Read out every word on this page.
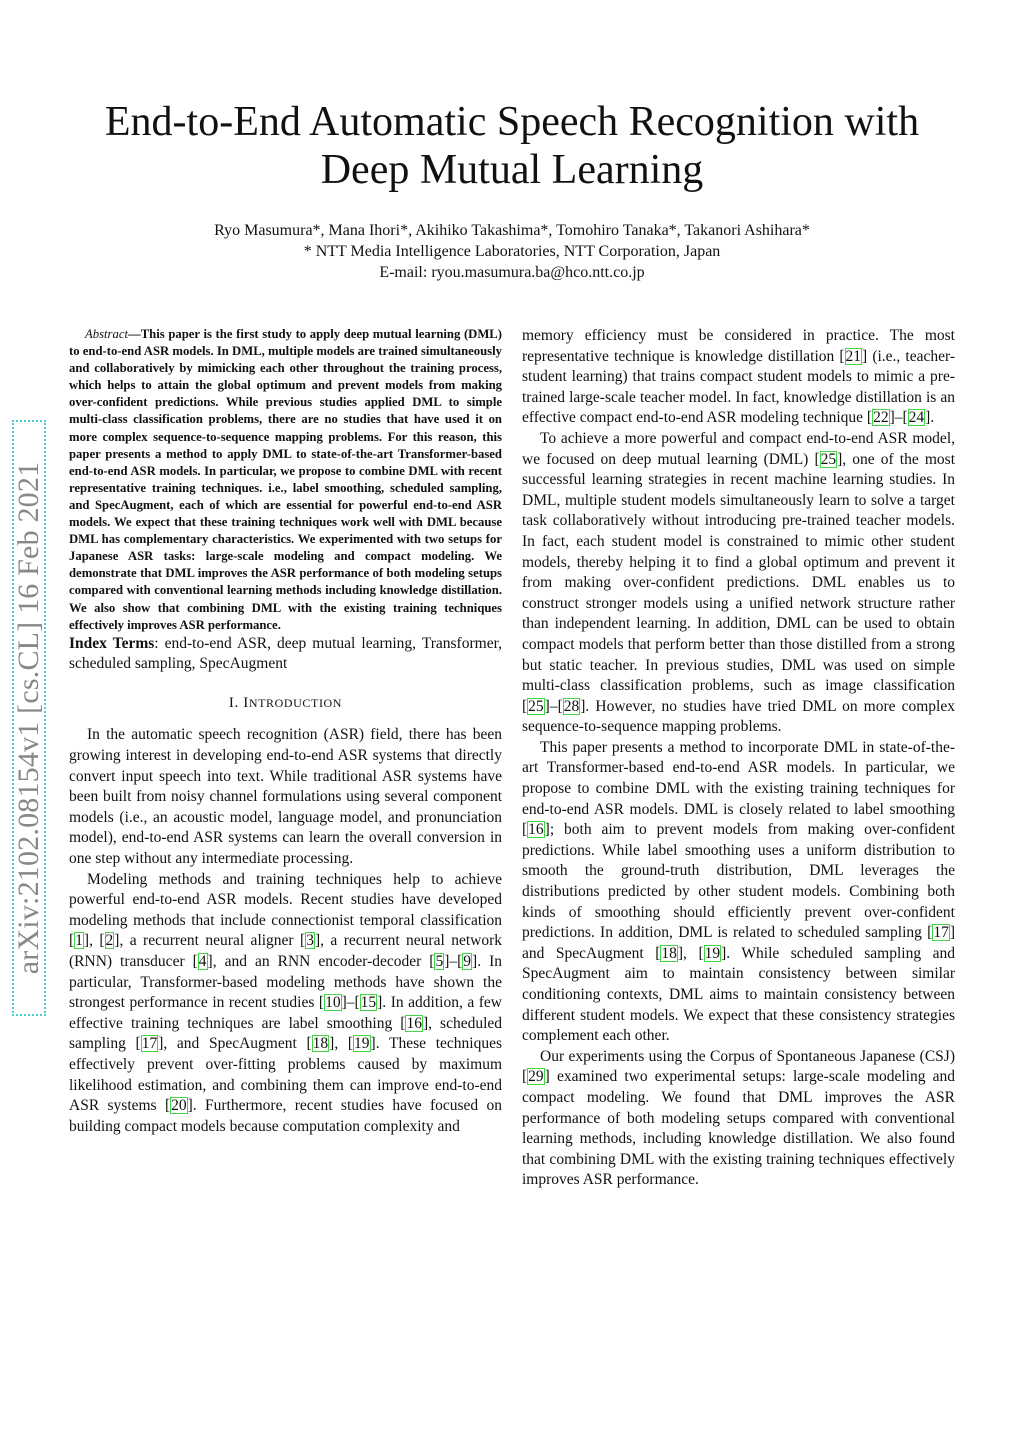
End-to-End Automatic Speech Recognition with
Deep Mutual Learning
Ryo Masumura*, Mana Ihori*, Akihiko Takashima*, Tomohiro Tanaka*, Takanori Ashihara*
* NTT Media Intelligence Laboratories, NTT Corporation, Japan
E-mail: ryou.masumura.ba@hco.ntt.co.jp
arXiv:2102.08154v1 [cs.CL] 16 Feb 2021

Abstract—This paper is the first study to apply deep mutual learning (DML) to end-to-end ASR models. In DML, multiple models are trained simultaneously and collaboratively by mimicking each other throughout the training process, which helps to attain the global optimum and prevent models from making over-confident predictions. While previous studies applied DML to simple multi-class classification problems, there are no studies that have used it on more complex sequence-to-sequence mapping problems. For this reason, this paper presents a method to apply DML to state-of-the-art Transformer-based end-to-end ASR models. In particular, we propose to combine DML with recent representative training techniques. i.e., label smoothing, scheduled sampling, and SpecAugment, each of which are essential for powerful end-to-end ASR models. We expect that these training techniques work well with DML because DML has complementary characteristics. We experimented with two setups for Japanese ASR tasks: large-scale modeling and compact modeling. We demonstrate that DML improves the ASR performance of both modeling setups compared with conventional learning methods including knowledge distillation. We also show that combining DML with the existing training techniques effectively improves ASR performance.

Index Terms: end-to-end ASR, deep mutual learning, Transformer, scheduled sampling, SpecAugment

I. INTRODUCTION

In the automatic speech recognition (ASR) field, there has been growing interest in developing end-to-end ASR systems that directly convert input speech into text. While traditional ASR systems have been built from noisy channel formulations using several component models (i.e., an acoustic model, language model, and pronunciation model), end-to-end ASR systems can learn the overall conversion in one step without any intermediate processing.

Modeling methods and training techniques help to achieve powerful end-to-end ASR models. Recent studies have developed modeling methods that include connectionist temporal classification [1], [2], a recurrent neural aligner [3], a recurrent neural network (RNN) transducer [4], and an RNN encoder-decoder [5]–[9]. In particular, Transformer-based modeling methods have shown the strongest performance in recent studies [10]–[15]. In addition, a few effective training techniques are label smoothing [16], scheduled sampling [17], and SpecAugment [18], [19]. These techniques effectively prevent over-fitting problems caused by maximum likelihood estimation, and combining them can improve end-to-end ASR systems [20]. Furthermore, recent studies have focused on building compact models because computation complexity and

memory efficiency must be considered in practice. The most representative technique is knowledge distillation [21] (i.e., teacher-student learning) that trains compact student models to mimic a pre-trained large-scale teacher model. In fact, knowledge distillation is an effective compact end-to-end ASR modeling technique [22]–[24].

To achieve a more powerful and compact end-to-end ASR model, we focused on deep mutual learning (DML) [25], one of the most successful learning strategies in recent machine learning studies. In DML, multiple student models simultaneously learn to solve a target task collaboratively without introducing pre-trained teacher models. In fact, each student model is constrained to mimic other student models, thereby helping it to find a global optimum and prevent it from making over-confident predictions. DML enables us to construct stronger models using a unified network structure rather than independent learning. In addition, DML can be used to obtain compact models that perform better than those distilled from a strong but static teacher. In previous studies, DML was used on simple multi-class classification problems, such as image classification [25]–[28]. However, no studies have tried DML on more complex sequence-to-sequence mapping problems.

This paper presents a method to incorporate DML in state-of-the-art Transformer-based end-to-end ASR models. In particular, we propose to combine DML with the existing training techniques for end-to-end ASR models. DML is closely related to label smoothing [16]; both aim to prevent models from making over-confident predictions. While label smoothing uses a uniform distribution to smooth the ground-truth distribution, DML leverages the distributions predicted by other student models. Combining both kinds of smoothing should efficiently prevent over-confident predictions. In addition, DML is related to scheduled sampling [17] and SpecAugment [18], [19]. While scheduled sampling and SpecAugment aim to maintain consistency between similar conditioning contexts, DML aims to maintain consistency between different student models. We expect that these consistency strategies complement each other.

Our experiments using the Corpus of Spontaneous Japanese (CSJ) [29] examined two experimental setups: large-scale modeling and compact modeling. We found that DML improves the ASR performance of both modeling setups compared with conventional learning methods, including knowledge distillation. We also found that combining DML with the existing training techniques effectively improves ASR performance.
